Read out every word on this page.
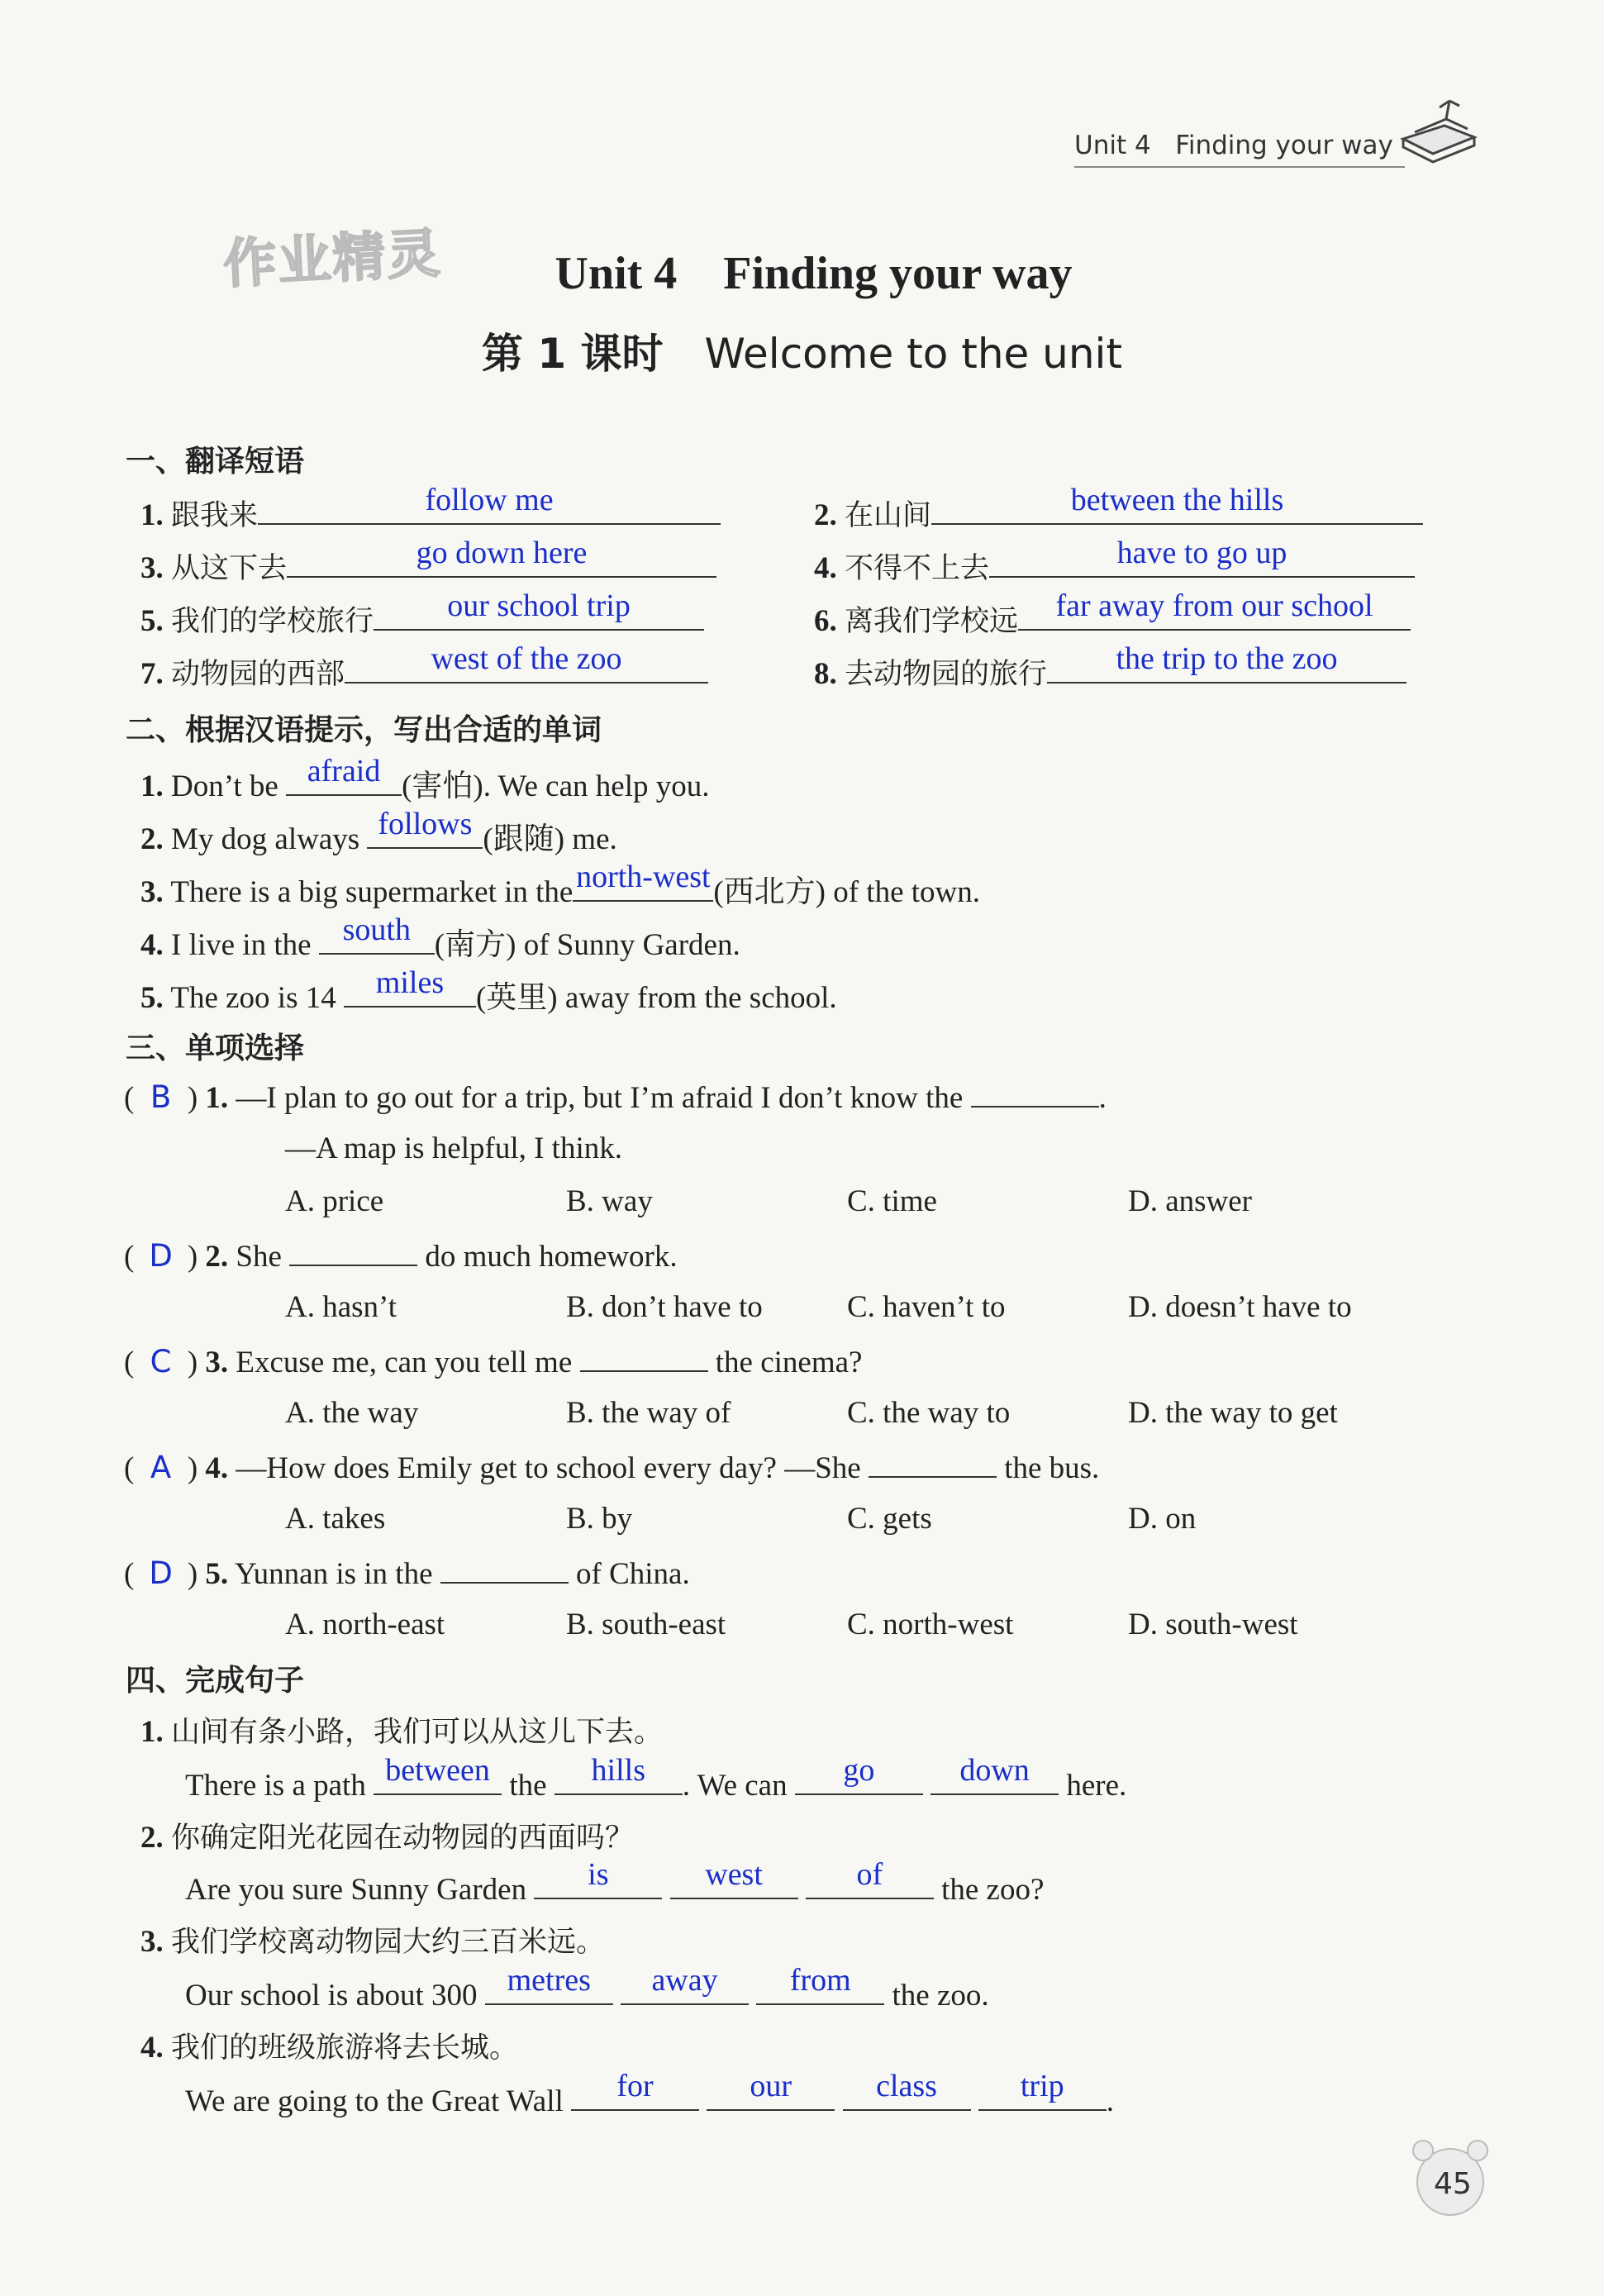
Unit 4 Finding your way
作业精灵	Unit 4    Finding your way

第 1 课时 Welcome to the unit
一、翻译短语
1. 跟我来	follow me	2. 在山间	between the hills
3. 从这下去	go down here	4. 不得不上去	have to go up
5. 我们的学校旅行	our school trip	6. 离我们学校远	far away from our school
7. 动物园的西部	west of the zoo	8. 去动物园的旅行	the trip to the zoo
二、根据汉语提示，写出合适的单词
1. Don’t be afraid (害怕). We can help you.
2. My dog always follows (跟随) me.
3. There is a big supermarket in the north-west (西北方) of the town.
4. I live in the	south (南方) of Sunny Garden.
5. The zoo is 14	miles	(英里) away from the school.
三、单项选择
( B ) 1. —I plan to go out for a trip, but I’m afraid I don’t know the	.
—A map is helpful, I think.
A. price	B. way	C. time	D. answer
( D ) 2. She	do much homework.
A. hasn’t	B. don’t have to	C. haven’t to	D. doesn’t have to
( C ) 3. Excuse me, can you tell me	the cinema?
A. the way	B. the way of	C. the way to	D. the way to get
( A ) 4. —How does Emily get to school every day? —She	the bus.
A. takes	B. by	C. gets	D. on
( D ) 5. Yunnan is in the	of China.
A. north-east	B. south-east	C. north-west	D. south-west
四、完成句子
1. 山间有条小路，我们可以从这儿下去。
There is a path between the	hills	. We can	go
	down	here.
2. 你确定阳光花园在动物园的西面吗？
Are you sure Sunny Garden	is
	west
	of	the zoo?
3. 我们学校离动物园大约三百米远。
Our school is about 300 metres
	away
	from	the zoo.
4. 我们的班级旅游将去长城。
We are going to the Great Wall	for
	our
	class
	trip	.
45
